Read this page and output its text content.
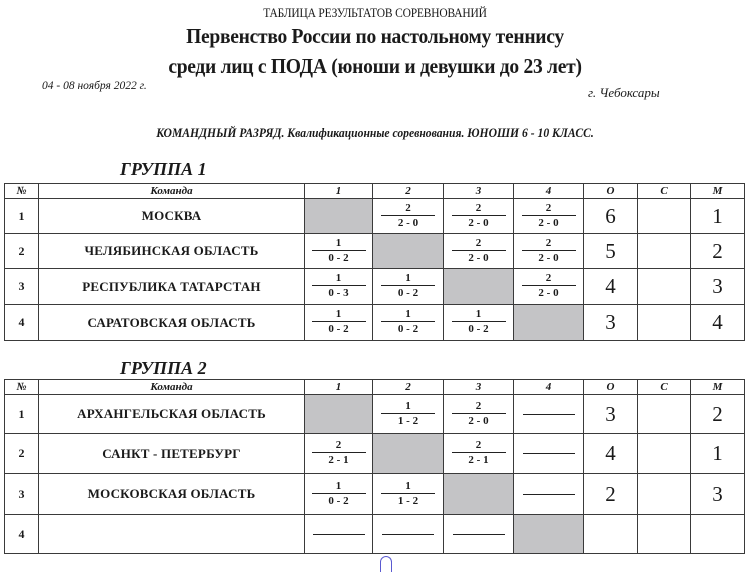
ТАБЛИЦА РЕЗУЛЬТАТОВ СОРЕВНОВАНИЙ
Первенство России по настольному теннису
среди лиц с ПОДА (юноши и девушки до 23 лет)
04 - 08 ноября 2022 г.	г. Чебоксары
КОМАНДНЫЙ РАЗРЯД. Квалификационные соревнования. ЮНОШИ 6 - 10 КЛАСС.
ГРУППА 1
№	Команда	1	2	3	4	О	С	М
1	МОСКВА		$\frac{2}{2 - 0}$	$\frac{2}{2 - 0}$	$\frac{2}{2 - 0}$	6		1
2	ЧЕЛЯБИНСКАЯ ОБЛАСТЬ	$\frac{1}{0 - 2}$		$\frac{2}{2 - 0}$	$\frac{2}{2 - 0}$	5		2
3	РЕСПУБЛИКА ТАТАРСТАН	$\frac{1}{0 - 3}$	$\frac{1}{0 - 2}$		$\frac{2}{2 - 0}$	4		3
4	САРАТОВСКАЯ ОБЛАСТЬ	$\frac{1}{0 - 2}$	$\frac{1}{0 - 2}$	$\frac{1}{0 - 2}$		3		4
ГРУППА 2
№	Команда	1	2	3	4	О	С	М
1	АРХАНГЕЛЬСКАЯ ОБЛАСТЬ		$\frac{1}{1 - 2}$	$\frac{2}{2 - 0}$		3		2
2	САНКТ - ПЕТЕРБУРГ	$\frac{2}{2 - 1}$		$\frac{2}{2 - 1}$		4		1
3	МОСКОВСКАЯ ОБЛАСТЬ	$\frac{1}{0 - 2}$	$\frac{1}{1 - 2}$			2		3
4								
